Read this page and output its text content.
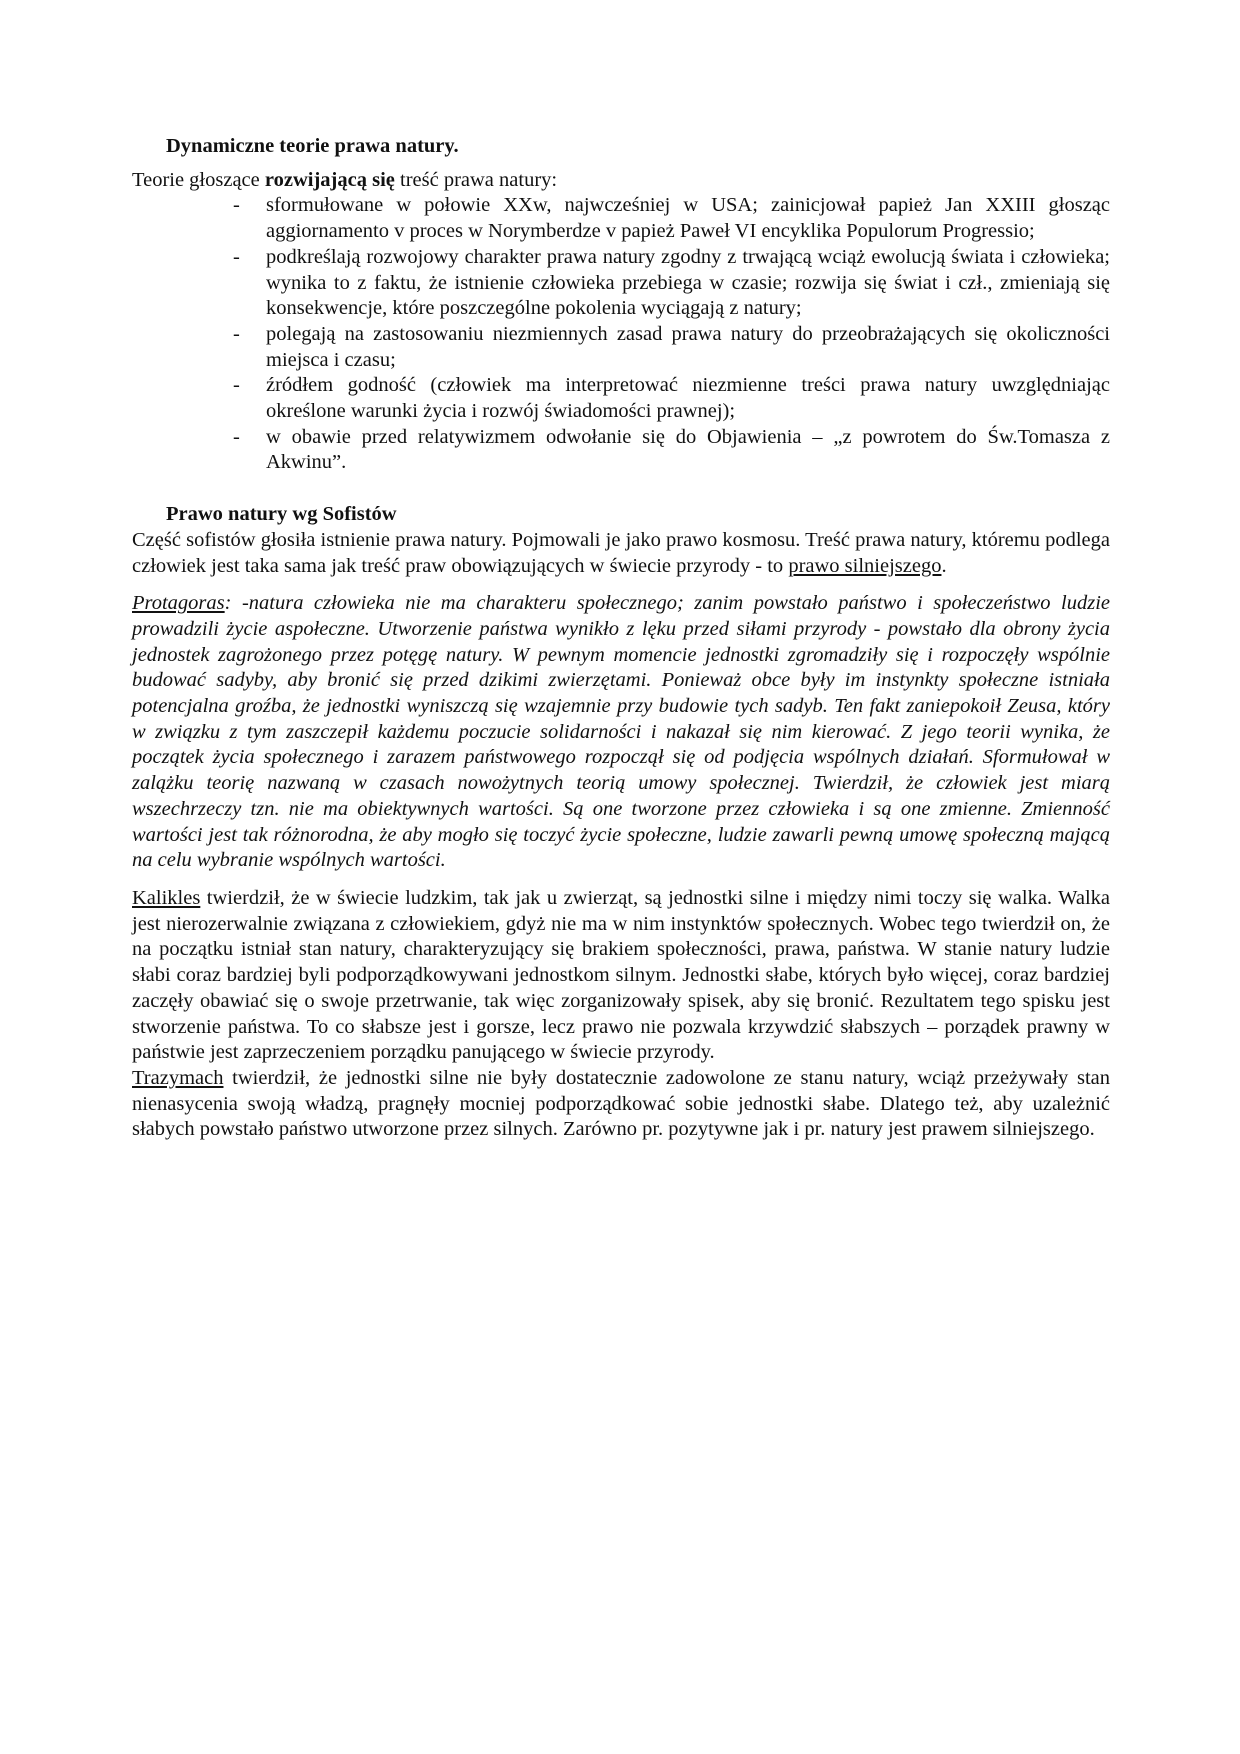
Dynamiczne teorie prawa natury.

Teorie głoszące rozwijającą się treść prawa natury:

- sformułowane w połowie XXw, najwcześniej w USA; zainicjował papież Jan XXIII głosząc aggiornamento v proces w Norymberdze v papież Paweł VI encyklika Populorum Progressio;
- podkreślają rozwojowy charakter prawa natury zgodny z trwającą wciąż ewolucją świata i człowieka; wynika to z faktu, że istnienie człowieka przebiega w czasie; rozwija się świat i czł., zmieniają się konsekwencje, które poszczególne pokolenia wyciągają z natury;
- polegają na zastosowaniu niezmiennych zasad prawa natury do przeobrażających się okoliczności miejsca i czasu;
- źródłem godność (człowiek ma interpretować niezmienne treści prawa natury uwzględniając określone warunki życia i rozwój świadomości prawnej);
- w obawie przed relatywizmem odwołanie się do Objawienia – „z powrotem do Św.Tomasza z Akwinu”.
Prawo natury wg Sofistów

Część sofistów głosiła istnienie prawa natury. Pojmowali je jako prawo kosmosu. Treść prawa natury, któremu podlega człowiek jest taka sama jak treść praw obowiązujących w świecie przyrody - to prawo silniejszego.

Protagoras: -natura człowieka nie ma charakteru społecznego; zanim powstało państwo i społeczeństwo ludzie prowadzili życie aspołeczne. Utworzenie państwa wynikło z lęku przed siłami przyrody - powstało dla obrony życia jednostek zagrożonego przez potęgę natury. W pewnym momencie jednostki zgromadziły się i rozpoczęły wspólnie budować sadyby, aby bronić się przed dzikimi zwierzętami. Ponieważ obce były im instynkty społeczne istniała potencjalna groźba, że jednostki wyniszczą się wzajemnie przy budowie tych sadyb. Ten fakt zaniepokoił Zeusa, który w związku z tym zaszczepił każdemu poczucie solidarności i nakazał się nim kierować. Z jego teorii wynika, że początek życia społecznego i zarazem państwowego rozpoczął się od podjęcia wspólnych działań. Sformułował w zalążku teorię nazwaną w czasach nowożytnych teorią umowy społecznej. Twierdził, że człowiek jest miarą wszechrzeczy tzn. nie ma obiektywnych wartości. Są one tworzone przez człowieka i są one zmienne. Zmienność wartości jest tak różnorodna, że aby mogło się toczyć życie społeczne, ludzie zawarli pewną umowę społeczną mającą na celu wybranie wspólnych wartości.

Kalikles twierdził, że w świecie ludzkim, tak jak u zwierząt, są jednostki silne i między nimi toczy się walka. Walka jest nierozerwalnie związana z człowiekiem, gdyż nie ma w nim instynktów społecznych. Wobec tego twierdził on, że na początku istniał stan natury, charakteryzujący się brakiem społeczności, prawa, państwa. W stanie natury ludzie słabi coraz bardziej byli podporządkowywani jednostkom silnym. Jednostki słabe, których było więcej, coraz bardziej zaczęły obawiać się o swoje przetrwanie, tak więc zorganizowały spisek, aby się bronić. Rezultatem tego spisku jest stworzenie państwa. To co słabsze jest i gorsze, lecz prawo nie pozwala krzywdzić słabszych – porządek prawny w państwie jest zaprzeczeniem porządku panującego w świecie przyrody.

Trazymach twierdził, że jednostki silne nie były dostatecznie zadowolone ze stanu natury, wciąż przeżywały stan nienasycenia swoją władzą, pragnęły mocniej podporządkować sobie jednostki słabe. Dlatego też, aby uzależnić słabych powstało państwo utworzone przez silnych. Zarówno pr. pozytywne jak i pr. natury jest prawem silniejszego.
